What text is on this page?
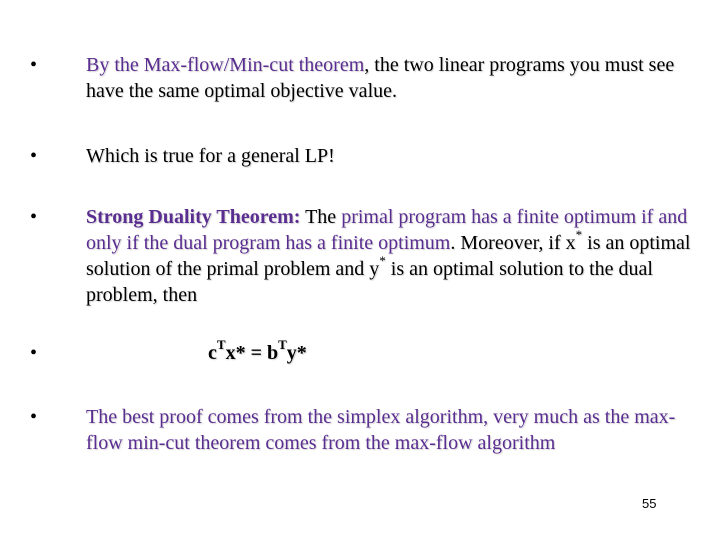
•	By the Max-flow/Min-cut theorem, the two linear programs you must see have the same optimal objective value.
•	Which is true for a general LP!
•	Strong Duality Theorem: The primal program has a finite optimum if and only if the dual program has a finite optimum. Moreover, if x* is an optimal solution of the primal problem and y* is an optimal solution to the dual problem, then
•	$c^Tx* = b^Ty*$
•	The best proof comes from the simplex algorithm, very much as the max-flow min-cut theorem comes from the max-flow algorithm
55
